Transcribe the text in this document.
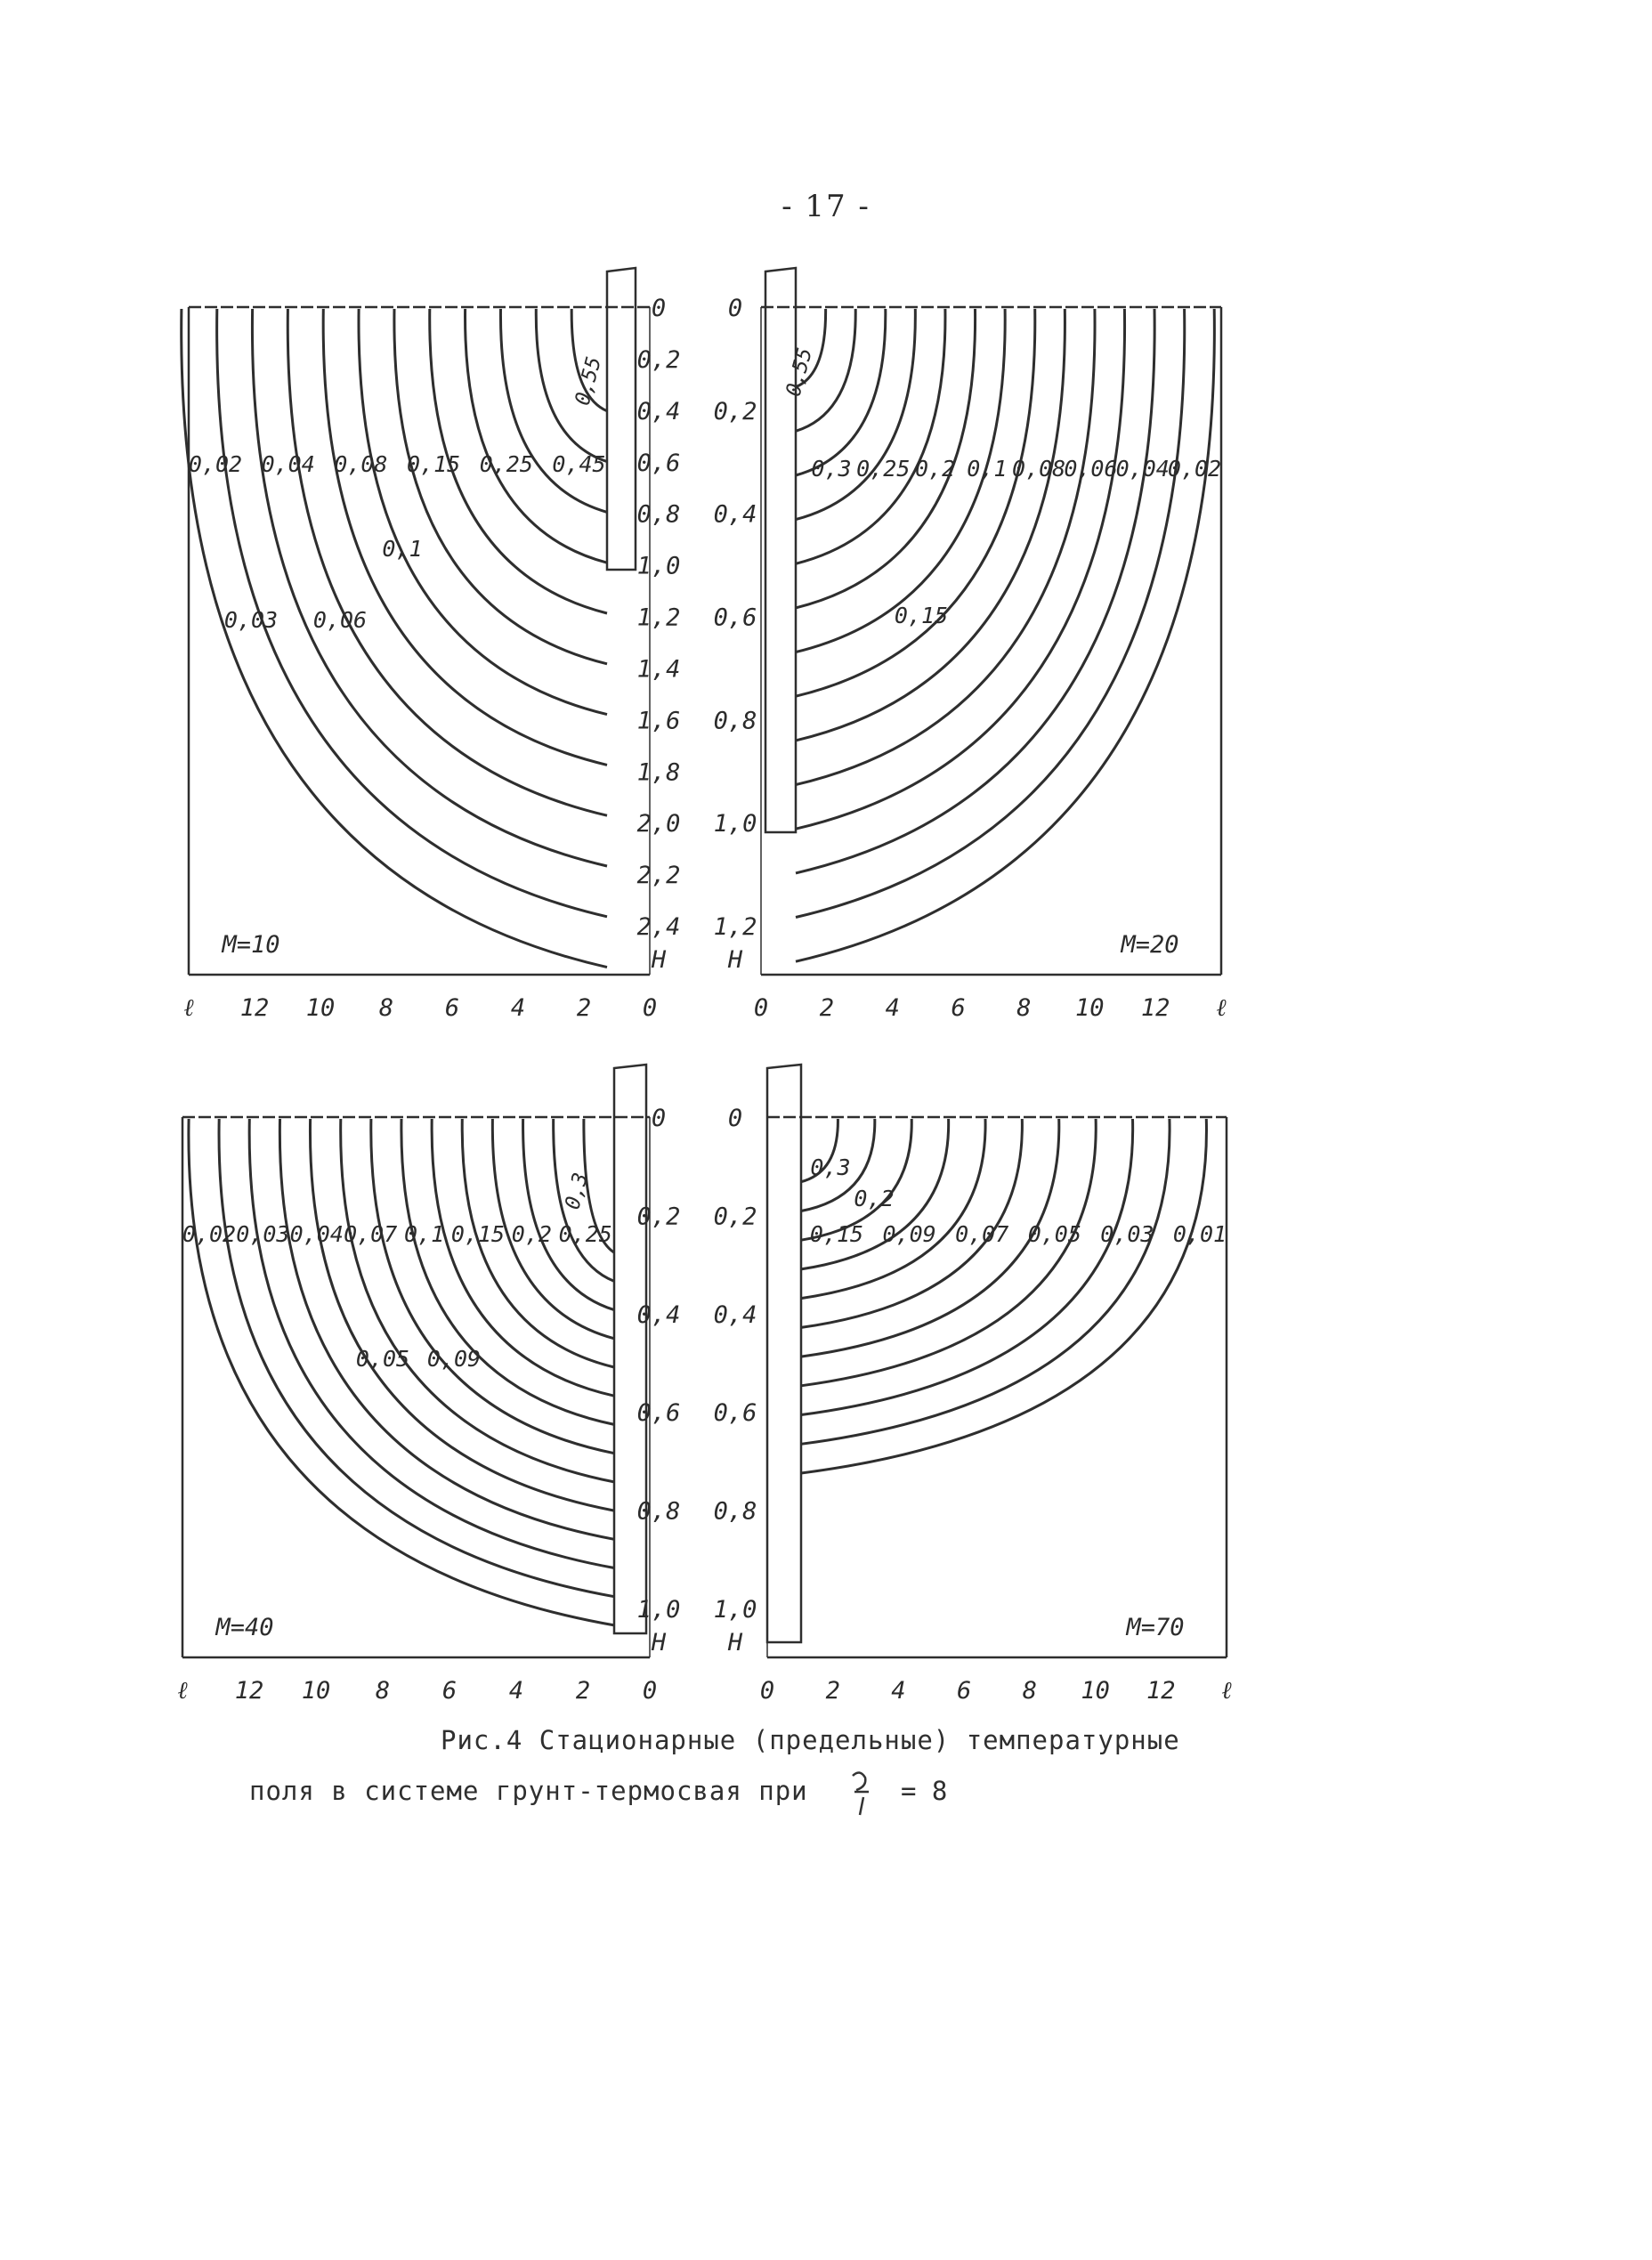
- 17 -
0
0,2
0,4
0,6
0,8
1,0
1,2
1,4
1,6
1,8
2,0
2,2
2,4
H
ℓ 12 10 8 6 4 2 0
0,02 0,04 0,08 0,15 0,25 0,45
0,1
0,03 0,06
0,55
M=10
0
0,2
0,4
0,6
0,8
1,0
1,2
H
0 2 4 6 8 10 12 ℓ
0,3 0,25 0,2 0,1 0,08
0,06
0,04
0,02
0,15
0,55
M=20
0
0,2
0,4
0,6
0,8
1,0
H
ℓ 12 10 8 6 4 2 0
0,02 0,03 0,04 0,07 0,1 0,15 0,2 0,25
0,05 0,09
0,3
M=40
0
0,2
0,4
0,6
0,8
1,0
H
0 2 4 6 8 10 12 ℓ
0,15 0,09 0,07 0,05 0,03 0,01
0,3
0,2
M=70
Рис.4 Стационарные (предельные) температурные
поля в системе грунт-термосвая при	= 8
